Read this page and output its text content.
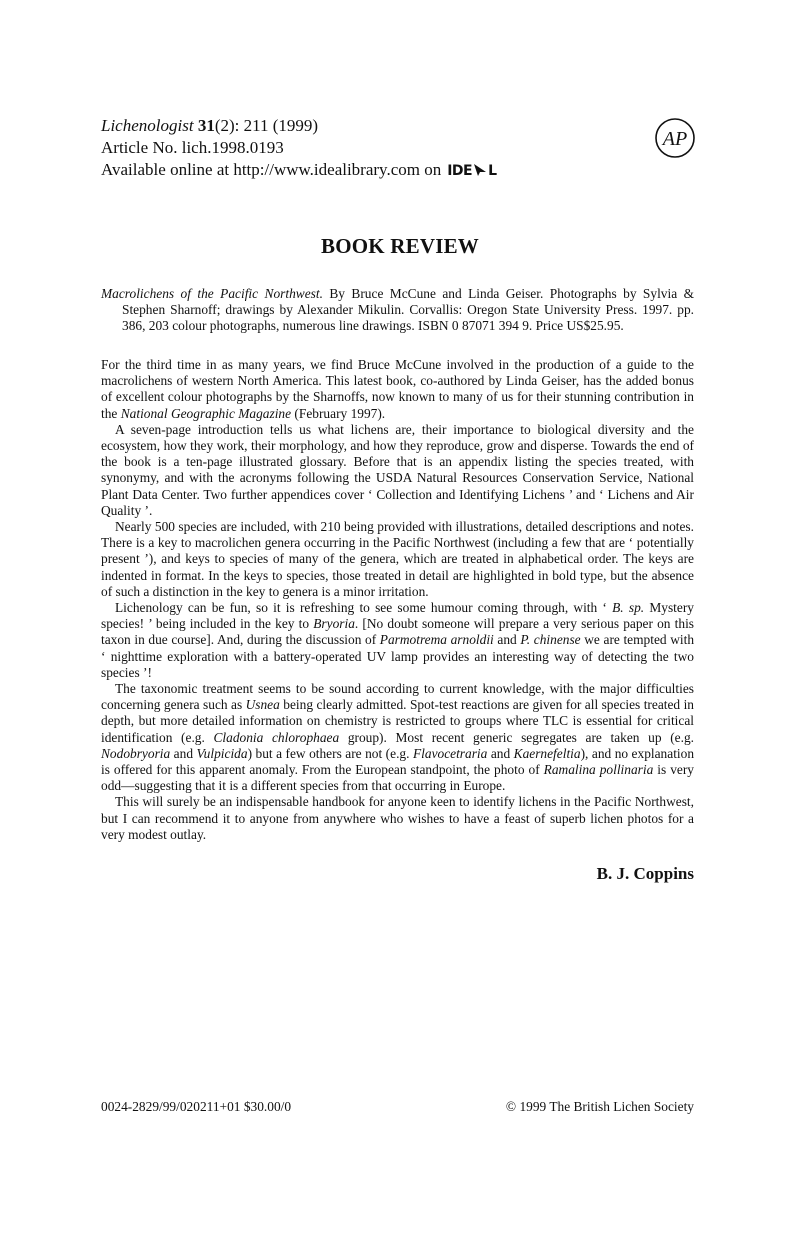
Lichenologist 31(2): 211 (1999)
Article No. lich.1998.0193
Available online at http://www.idealibrary.com on IDE L
AP
BOOK REVIEW
Macrolichens of the Pacific Northwest. By Bruce McCune and Linda Geiser. Photographs by Sylvia & Stephen Sharnoff; drawings by Alexander Mikulin. Corvallis: Oregon State University Press. 1997. pp. 386, 203 colour photographs, numerous line drawings. ISBN 0 87071 394 9. Price US$25.95.

For the third time in as many years, we find Bruce McCune involved in the production of a guide to the macrolichens of western North America. This latest book, co-authored by Linda Geiser, has the added bonus of excellent colour photographs by the Sharnoffs, now known to many of us for their stunning contribution in the National Geographic Magazine (February 1997).

A seven-page introduction tells us what lichens are, their importance to biological diversity and the ecosystem, how they work, their morphology, and how they reproduce, grow and disperse. Towards the end of the book is a ten-page illustrated glossary. Before that is an appendix listing the species treated, with synonymy, and with the acronyms following the USDA Natural Resources Conservation Service, National Plant Data Center. Two further appendices cover ‘ Collection and Identifying Lichens ’ and ‘ Lichens and Air Quality ’.

Nearly 500 species are included, with 210 being provided with illustrations, detailed descriptions and notes. There is a key to macrolichen genera occurring in the Pacific Northwest (including a few that are ‘ potentially present ’), and keys to species of many of the genera, which are treated in alphabetical order. The keys are indented in format. In the keys to species, those treated in detail are highlighted in bold type, but the absence of such a distinction in the key to genera is a minor irritation.

Lichenology can be fun, so it is refreshing to see some humour coming through, with ‘ B. sp. Mystery species! ’ being included in the key to Bryoria. [No doubt someone will prepare a very serious paper on this taxon in due course]. And, during the discussion of Parmotrema arnoldii and P. chinense we are tempted with ‘ nighttime exploration with a battery-operated UV lamp provides an interesting way of detecting the two species ’!

The taxonomic treatment seems to be sound according to current knowledge, with the major difficulties concerning genera such as Usnea being clearly admitted. Spot-test reactions are given for all species treated in depth, but more detailed information on chemistry is restricted to groups where TLC is essential for critical identification (e.g. Cladonia chlorophaea group). Most recent generic segregates are taken up (e.g. Nodobryoria and Vulpicida) but a few others are not (e.g. Flavocetraria and Kaernefeltia), and no explanation is offered for this apparent anomaly. From the European standpoint, the photo of Ramalina pollinaria is very odd—suggesting that it is a different species from that occurring in Europe.

This will surely be an indispensable handbook for anyone keen to identify lichens in the Pacific Northwest, but I can recommend it to anyone from anywhere who wishes to have a feast of superb lichen photos for a very modest outlay.

B. J. Coppins
0024-2829/99/020211+01 $30.00/0	© 1999 The British Lichen Society
